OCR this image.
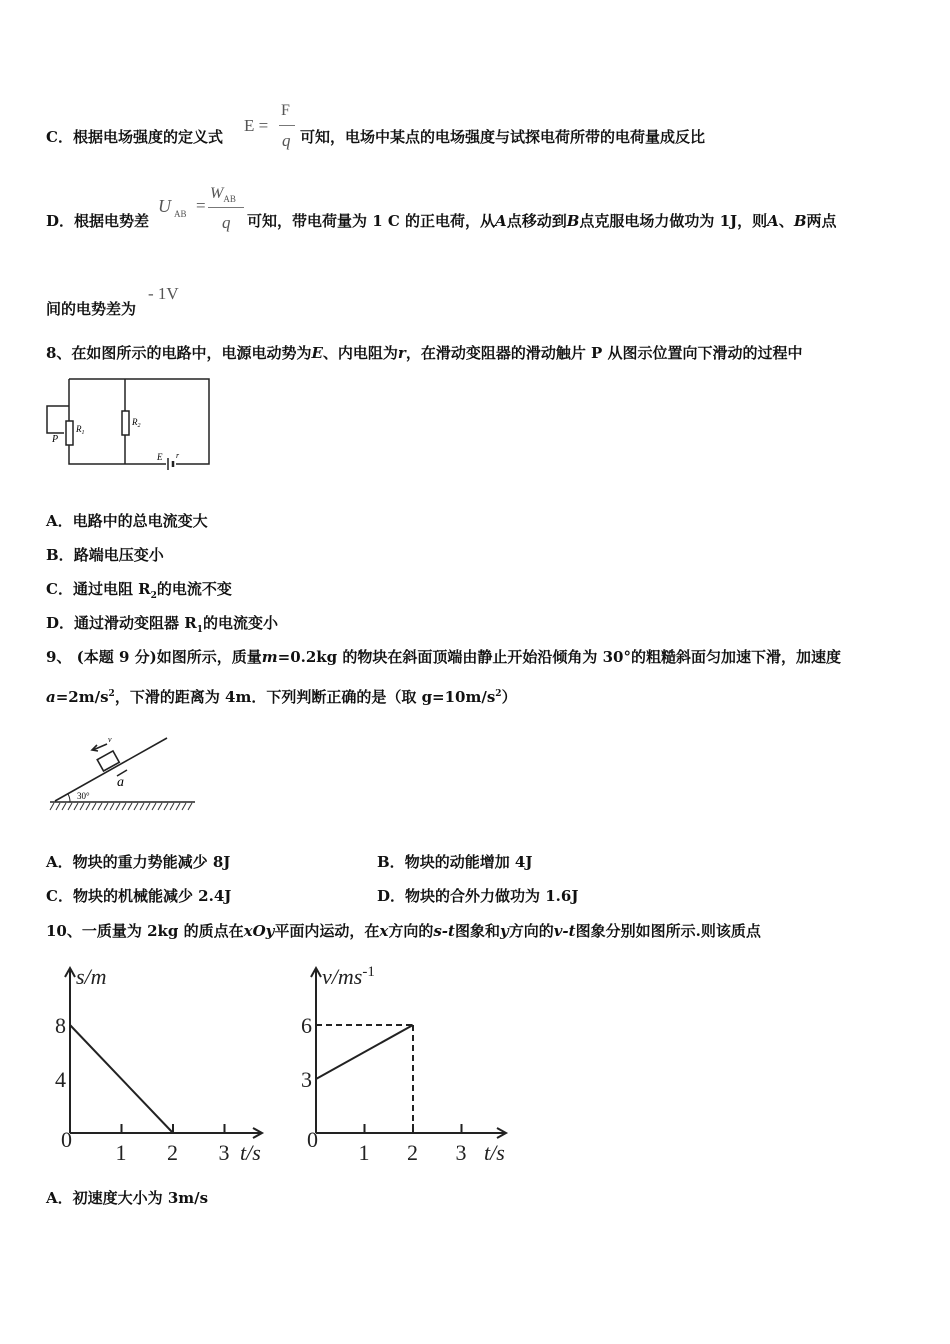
C．根据电场强度的定义式
E =
F
q 可知，电场中某点的电场强度与试探电荷所带的电荷量成反比
D．根据电势差
U $_{AB}$ =
$W_{AB}$
q 可知，带电荷量为 1 C 的正电荷，从A点移动到B点克服电场力做功为 1J，则A、B两点
间的电势差为
- 1V
8、在如图所示的电路中，电源电动势为E、内电阻为r，在滑动变阻器的滑动触片 P 从图示位置向下滑动的过程中
P
$R_1$
$R_2$
E r
A．电路中的总电流变大
B．路端电压变小
C．通过电阻 $R_2$的电流不变
D．通过滑动变阻器 $R_1$的电流变小
9、 (本题 9 分)如图所示，质量m=0.2kg 的物块在斜面顶端由静止开始沿倾角为 30°的粗糙斜面匀加速下滑，加速度
$a=2m/s^2$，下滑的距离为 4m．下列判断正确的是（取 $g=10m/s^2$）
v
a
30°
A．物块的重力势能减少 8J	B．物块的动能增加 4J
C．物块的机械能减少 2.4J	D．物块的合外力做功为 1.6J
10、一质量为 2kg 的质点在xOy平面内运动，在x方向的s-t图象和y方向的v-t图象分别如图所示.则该质点
1 2 3
8
4
0
t/s
s/m
1 2 3
6
3
0
t/s
$v/ms^{-1}$
A．初速度大小为 3m/s
